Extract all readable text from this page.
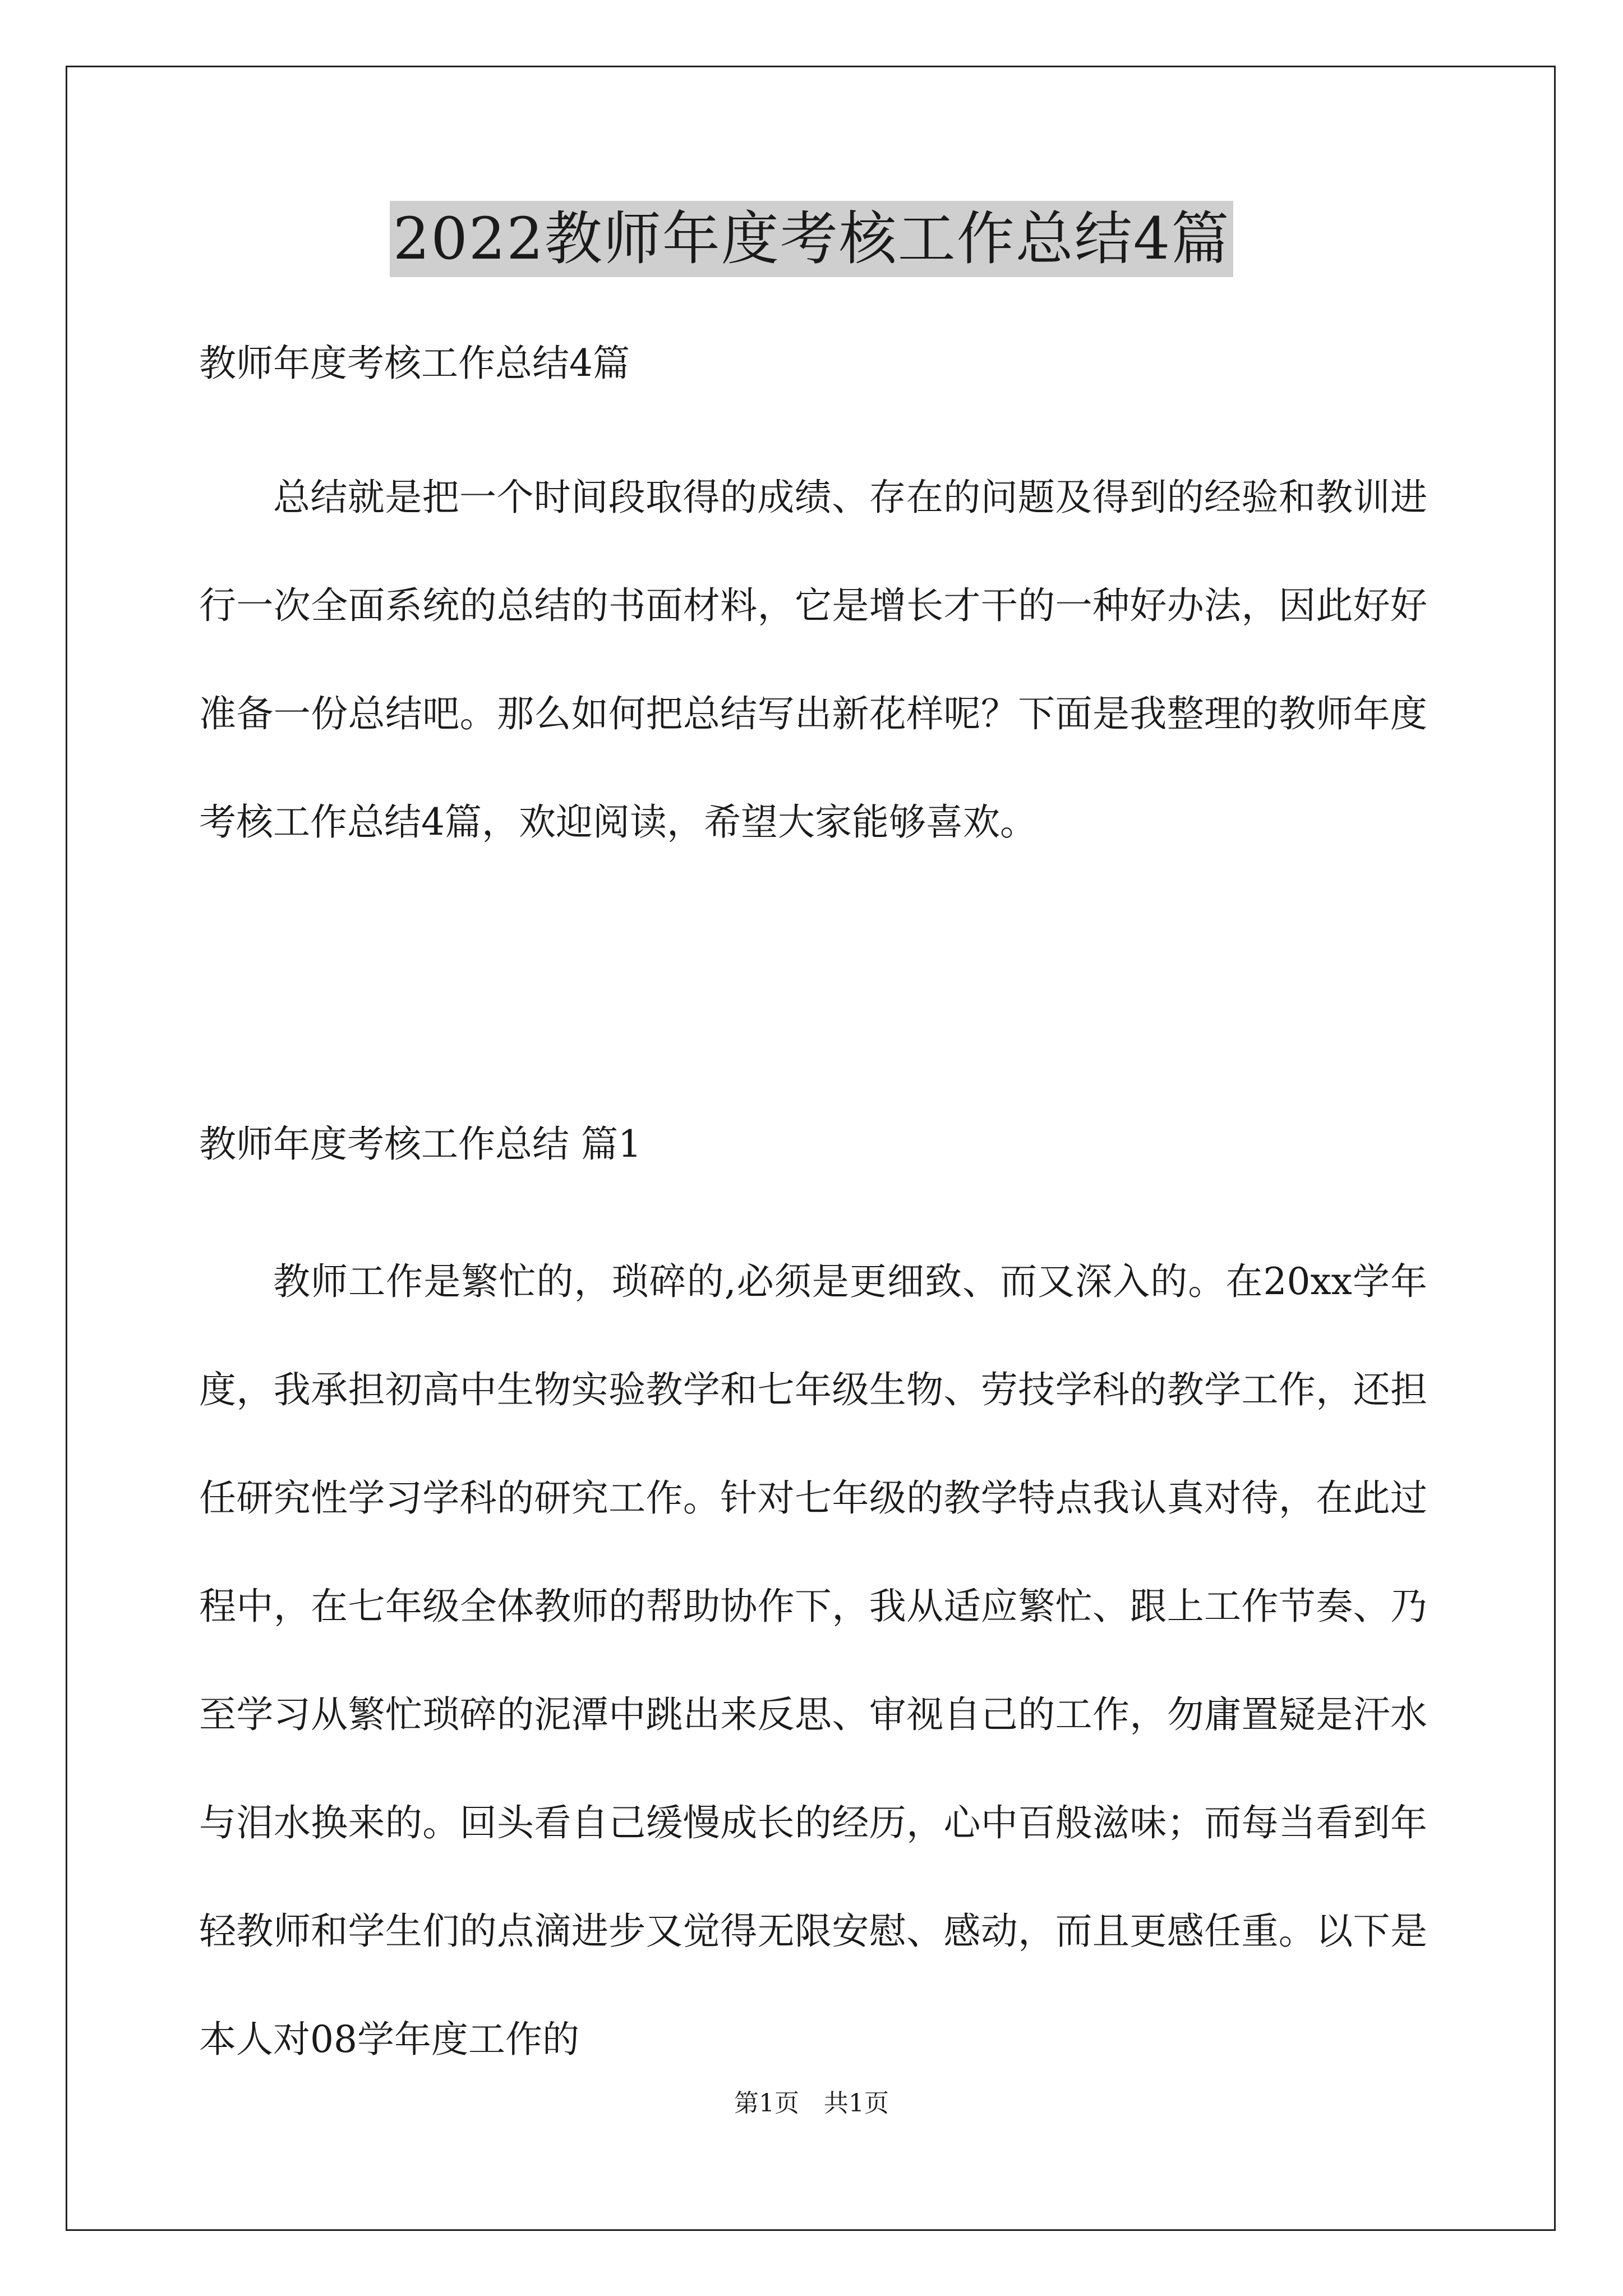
2022教师年度考核工作总结4篇

教师年度考核工作总结4篇

总结就是把一个时间段取得的成绩、存在的问题及得到的经验和教训进行一次全面系统的总结的书面材料，它是增长才干的一种好办法，因此好好准备一份总结吧。那么如何把总结写出新花样呢？下面是我整理的教师年度考核工作总结4篇，欢迎阅读，希望大家能够喜欢。

教师年度考核工作总结 篇1

教师工作是繁忙的，琐碎的,必须是更细致、而又深入的。在20xx学年度，我承担初高中生物实验教学和七年级生物、劳技学科的教学工作，还担任研究性学习学科的研究工作。针对七年级的教学特点我认真对待，在此过程中，在七年级全体教师的帮助协作下，我从适应繁忙、跟上工作节奏、乃至学习从繁忙琐碎的泥潭中跳出来反思、审视自己的工作，勿庸置疑是汗水与泪水换来的。回头看自己缓慢成长的经历，心中百般滋味；而每当看到年轻教师和学生们的点滴进步又觉得无限安慰、感动，而且更感任重。以下是本人对08学年度工作的

第1页　共1页
